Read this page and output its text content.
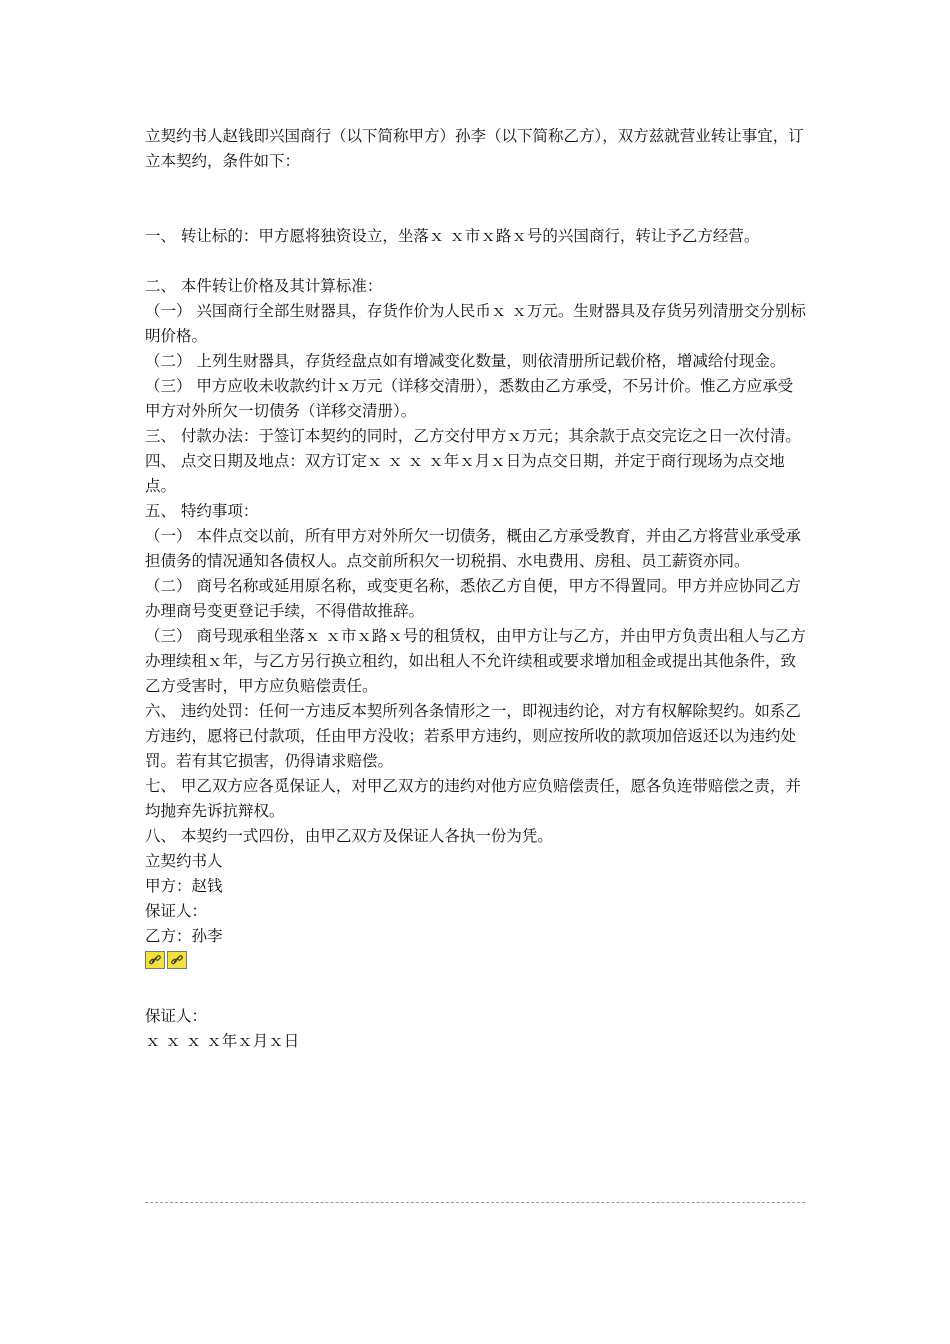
立契约书人赵钱即兴国商行（以下简称甲方）孙李（以下简称乙方），双方兹就营业转让事宜，订立本契约，条件如下：

一、 转让标的：甲方愿将独资设立，坐落ｘ ｘ市ｘ路ｘ号的兴国商行，转让予乙方经营。

二、 本件转让价格及其计算标准：

（一） 兴国商行全部生财器具，存货作价为人民币ｘ ｘ万元。生财器具及存货另列清册交分别标明价格。

（二） 上列生财器具，存货经盘点如有增减变化数量，则依清册所记载价格，增减给付现金。

（三） 甲方应收未收款约计ｘ万元（详移交清册），悉数由乙方承受，不另计价。惟乙方应承受甲方对外所欠一切债务（详移交清册）。

三、 付款办法：于签订本契约的同时，乙方交付甲方ｘ万元；其余款于点交完讫之日一次付清。

四、 点交日期及地点：双方订定ｘ ｘ ｘ ｘ年ｘ月ｘ日为点交日期，并定于商行现场为点交地点。

五、 特约事项：

（一） 本件点交以前，所有甲方对外所欠一切债务，概由乙方承受教育，并由乙方将营业承受承担债务的情况通知各债权人。点交前所积欠一切税捐、水电费用、房租、员工薪资亦同。

（二） 商号名称或延用原名称，或变更名称，悉依乙方自便，甲方不得置同。甲方并应协同乙方办理商号变更登记手续，不得借故推辞。

（三） 商号现承租坐落ｘ ｘ市ｘ路ｘ号的租赁权，由甲方让与乙方，并由甲方负责出租人与乙方办理续租ｘ年，与乙方另行换立租约，如出租人不允许续租或要求增加租金或提出其他条件，致乙方受害时，甲方应负赔偿责任。

六、 违约处罚：任何一方违反本契所列各条情形之一，即视违约论，对方有权解除契约。如系乙方违约，愿将已付款项，任由甲方没收；若系甲方违约，则应按所收的款项加倍返还以为违约处罚。若有其它损害，仍得请求赔偿。

七、 甲乙双方应各觅保证人，对甲乙双方的违约对他方应负赔偿责任，愿各负连带赔偿之责，并均抛弃先诉抗辩权。

八、 本契约一式四份，由甲乙双方及保证人各执一份为凭。

立契约书人

甲方：赵钱

保证人：

乙方：孙李

保证人：

ｘ ｘ ｘ ｘ年ｘ月ｘ日
